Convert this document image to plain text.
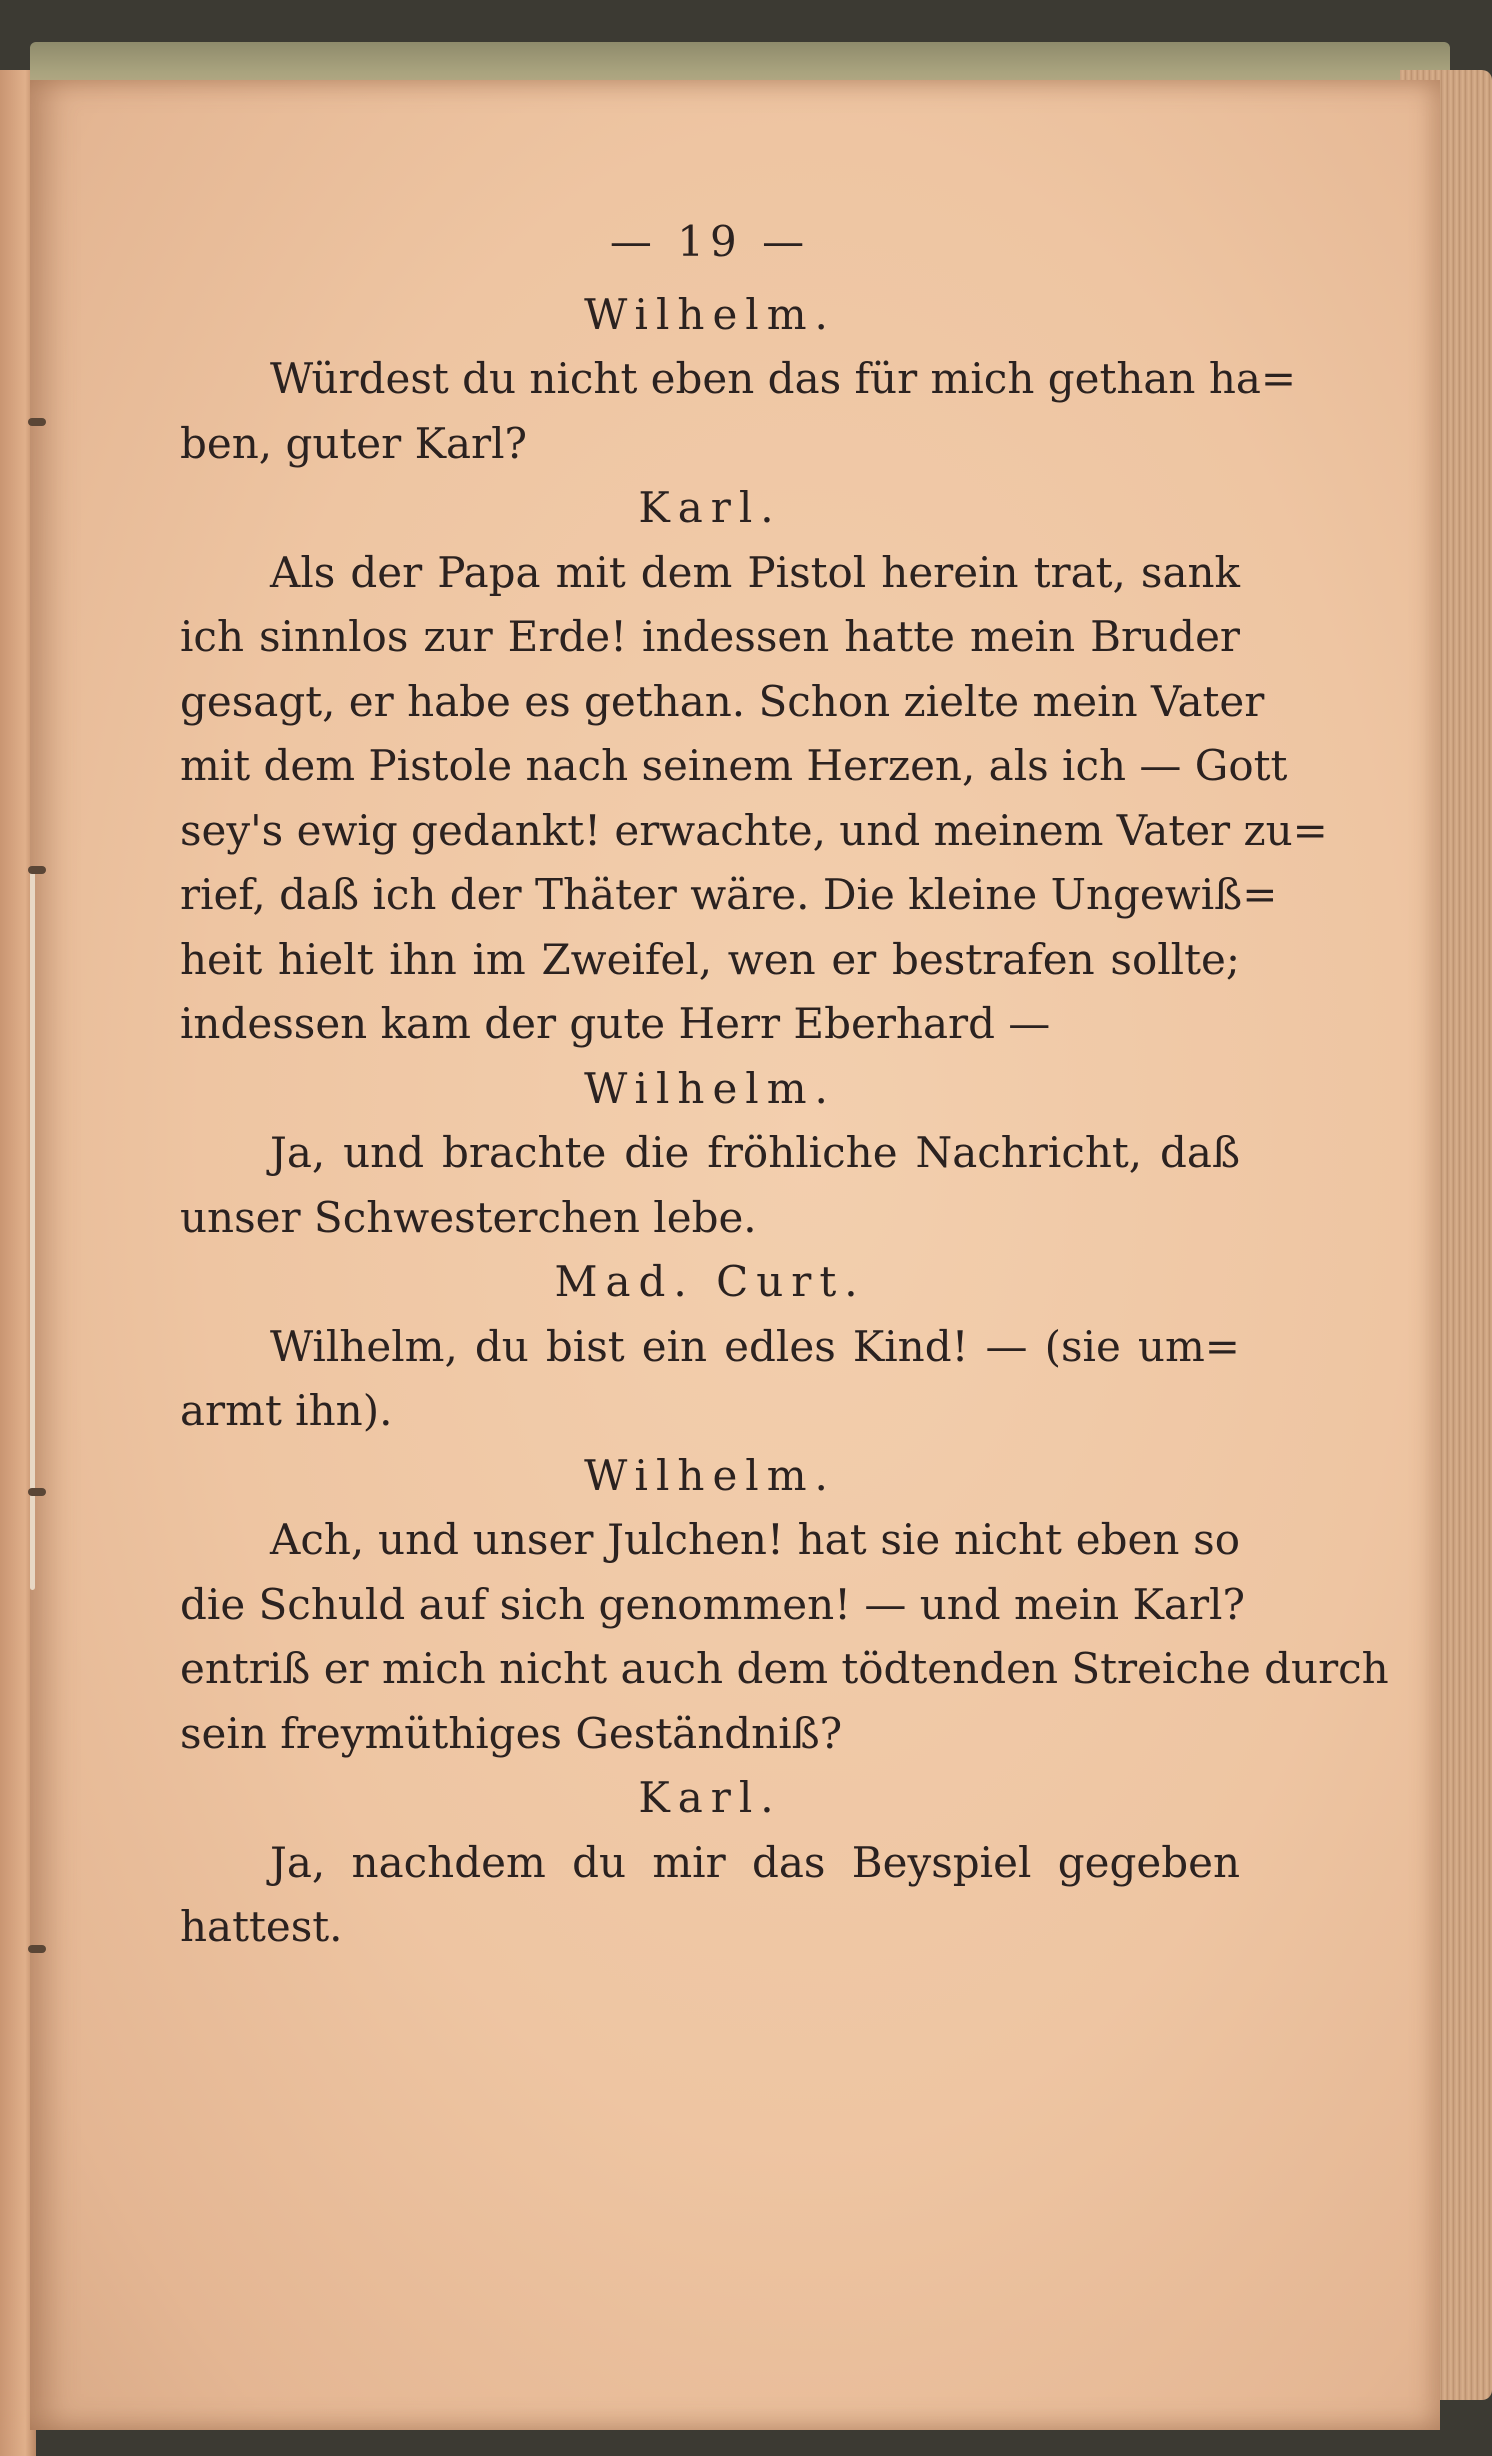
— 19 —
Wilhelm.
Würdest du nicht eben das für mich gethan ha=
ben, guter Karl?
Karl.
Als der Papa mit dem Pistol herein trat, sank
ich sinnlos zur Erde! indessen hatte mein Bruder
gesagt, er habe es gethan. Schon zielte mein Vater
mit dem Pistole nach seinem Herzen, als ich — Gott
sey's ewig gedankt! erwachte, und meinem Vater zu=
rief, daß ich der Thäter wäre. Die kleine Ungewiß=
heit hielt ihn im Zweifel, wen er bestrafen sollte;
indessen kam der gute Herr Eberhard —
Wilhelm.
Ja, und brachte die fröhliche Nachricht, daß
unser Schwesterchen lebe.
Mad. Curt.
Wilhelm, du bist ein edles Kind! — (sie um=
armt ihn).
Wilhelm.
Ach, und unser Julchen! hat sie nicht eben so
die Schuld auf sich genommen! — und mein Karl?
entriß er mich nicht auch dem tödtenden Streiche durch
sein freymüthiges Geständniß?
Karl.
Ja, nachdem du mir das Beyspiel gegeben
hattest.
